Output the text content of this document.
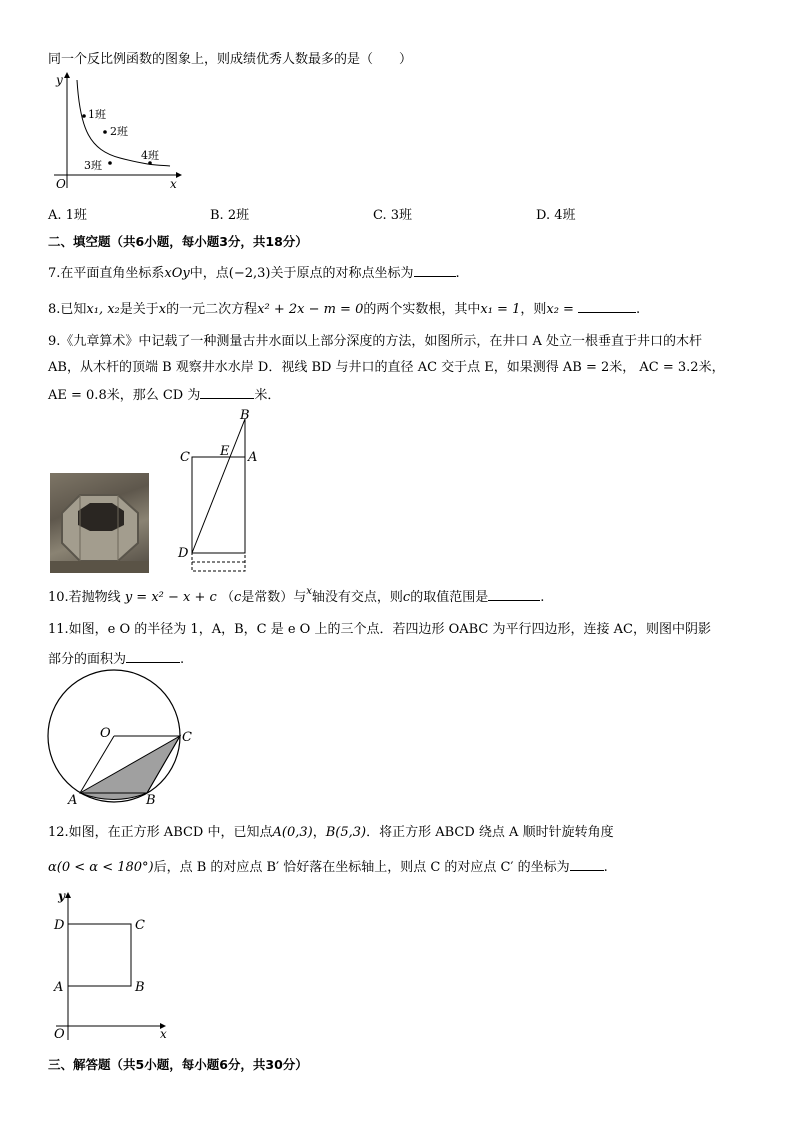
同一个反比例函数的图象上，则成绩优秀人数最多的是（　　）
y
x
O
1班
2班
3班
4班
A. 1班	B. 2班	C. 3班	D. 4班
二、填空题（共6小题，每小题3分，共18分）
7.在平面直角坐标系xOy中，点(−2,3)关于原点的对称点坐标为	.
8.已知x₁, x₂是关于x的一元二次方程x² + 2x − m = 0的两个实数根，其中x₁ = 1，则x₂ =	.
9.《九章算术》中记载了一种测量古井水面以上部分深度的方法，如图所示，在井口 A 处立一根垂直于井口的木杆
AB，从木杆的顶端 B 观察井水水岸 D．视线 BD 与井口的直径 AC 交于点 E，如果测得 AB = 2米， AC = 3.2米，
AE = 0.8米，那么 CD 为	米．
B
C E A
D
10.若抛物线 y = x² − x + c （c是常数）与$^x$轴没有交点，则c的取值范围是	.
11.如图，e O 的半径为 1，A，B，C 是 e O 上的三个点．若四边形 OABC 为平行四边形，连接 AC，则图中阴影
部分的面积为	.
O	C
A	B
12.如图，在正方形 ABCD 中，已知点A(0,3)，B(5,3)．将正方形 ABCD 绕点 A 顺时针旋转角度
α(0 < α < 180°)后，点 B 的对应点 B′ 恰好落在坐标轴上，则点 C 的对应点 C′ 的坐标为	.
y
D	C
A	B
O	x
三、解答题（共5小题，每小题6分，共30分）
